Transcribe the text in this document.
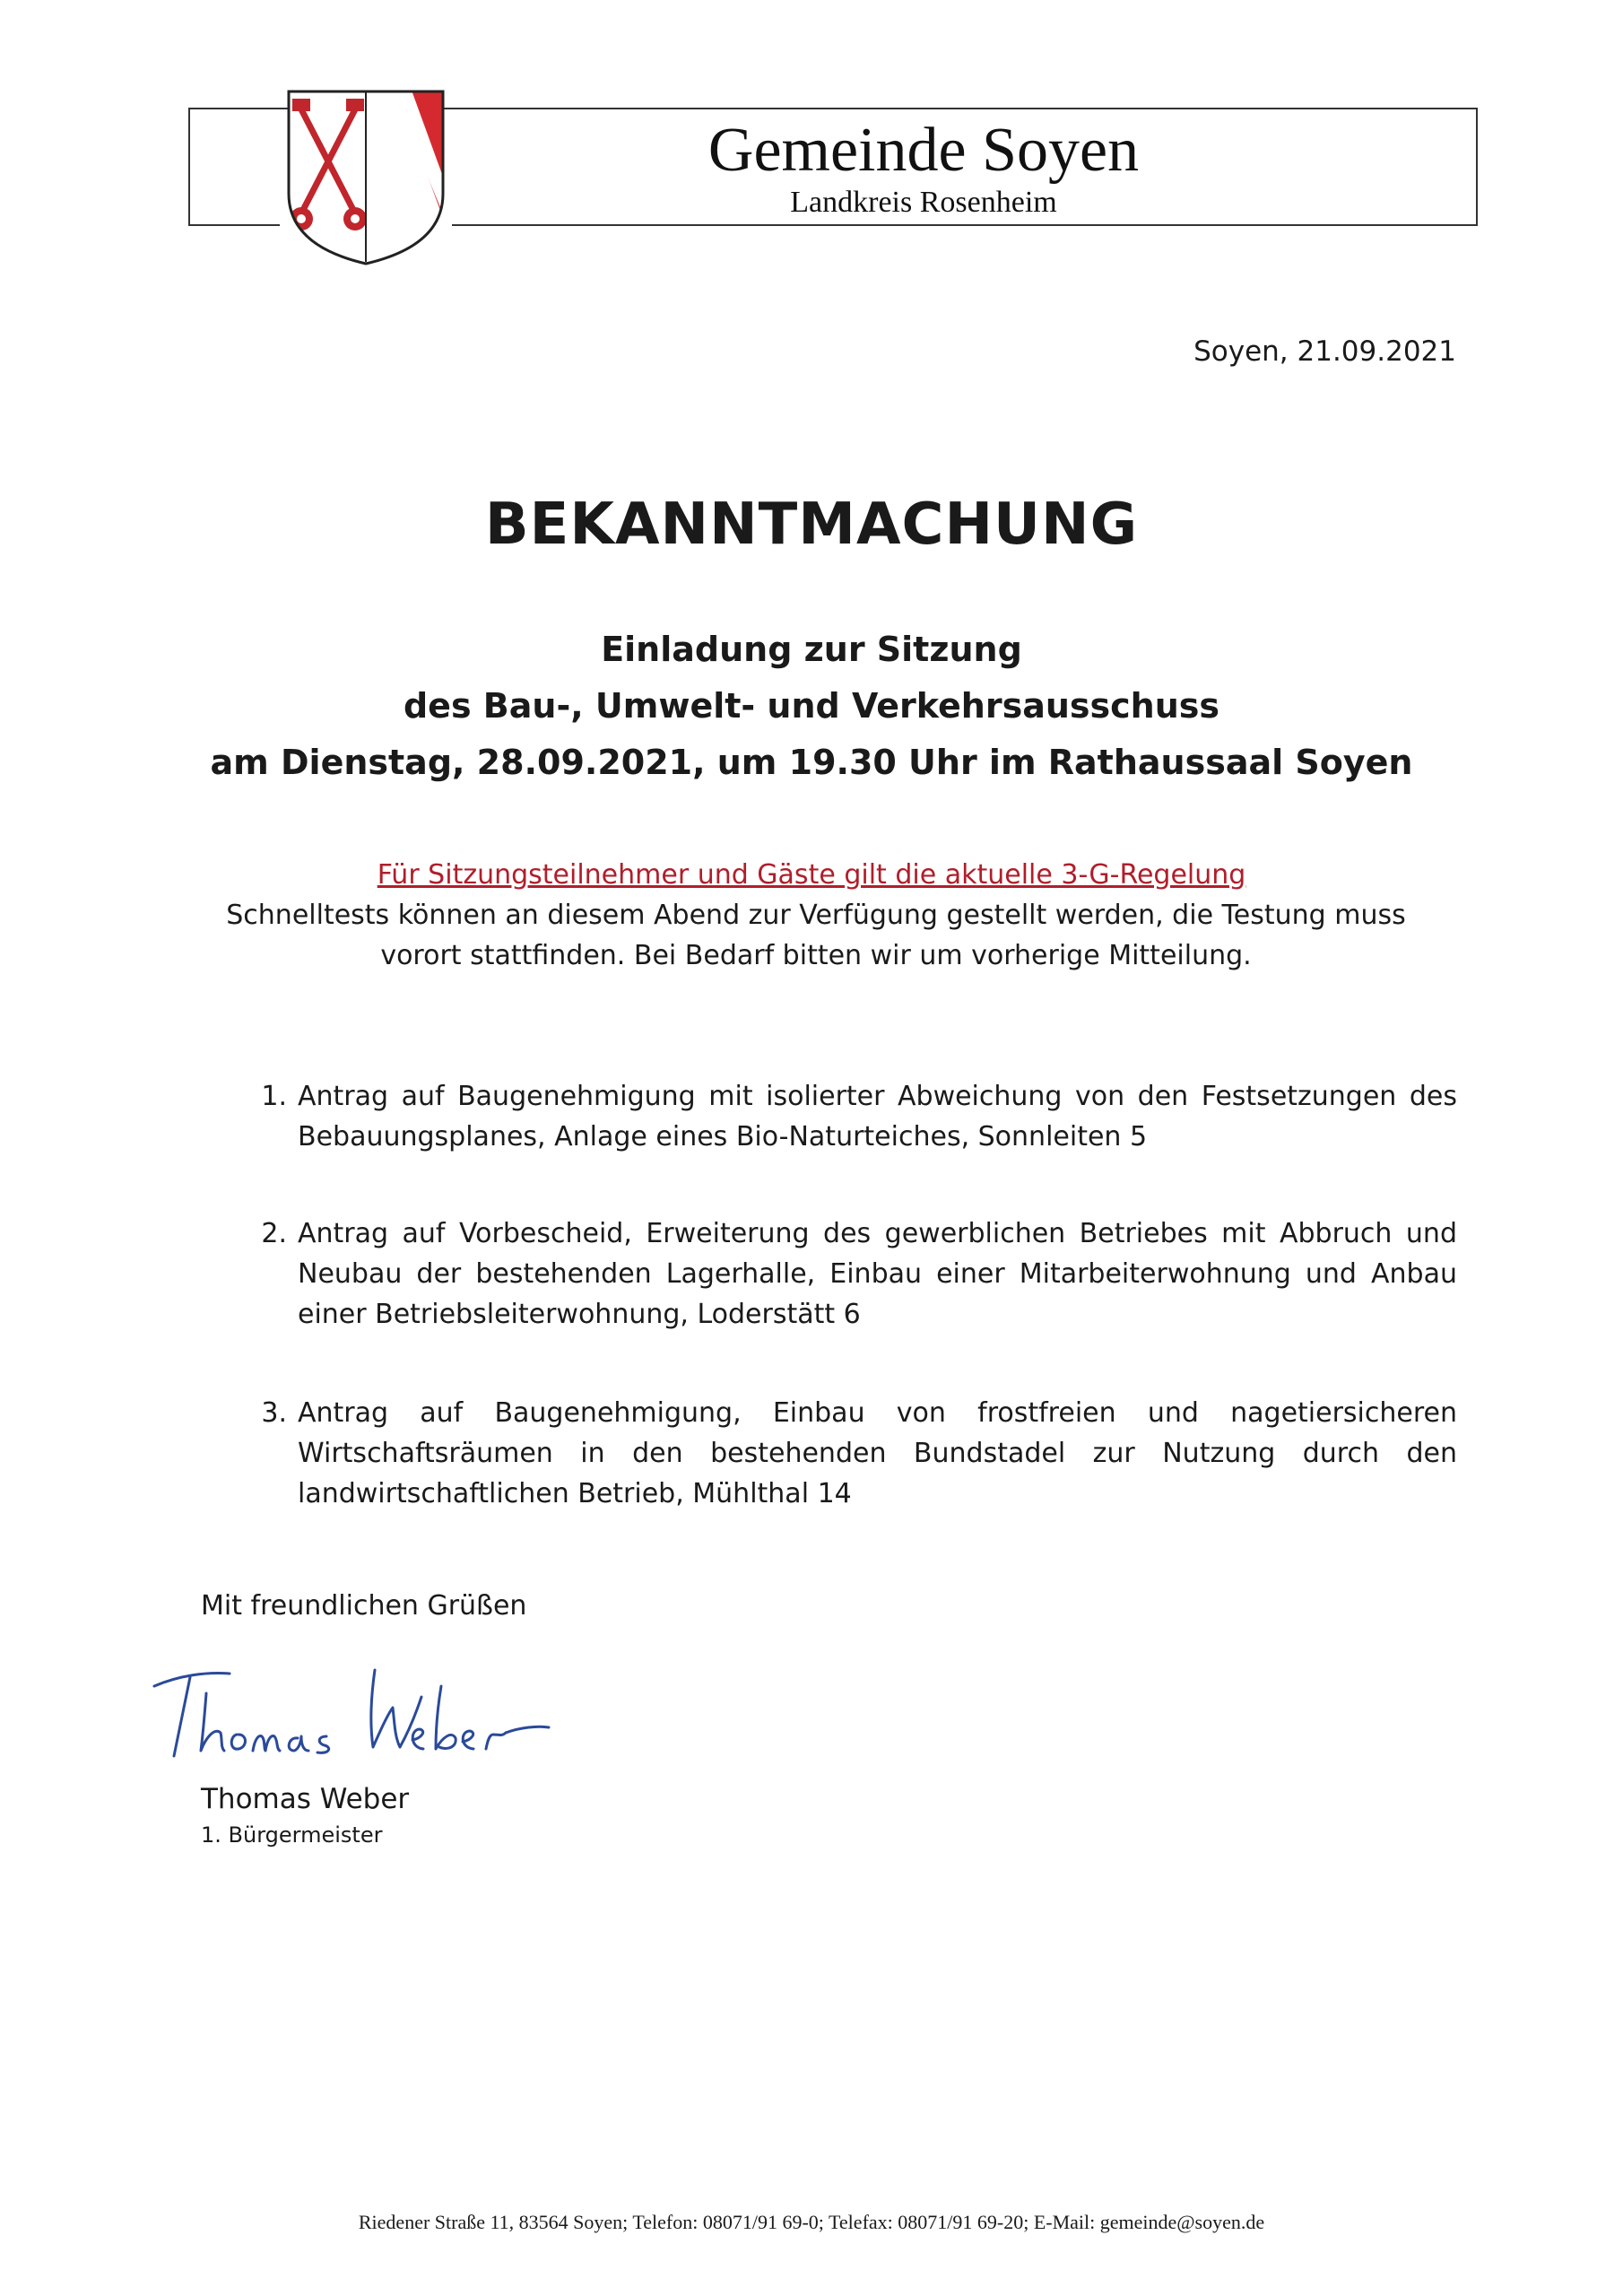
Gemeinde Soyen
Landkreis Rosenheim
Soyen, 21.09.2021
BEKANNTMACHUNG
Einladung zur Sitzung
des Bau-, Umwelt- und Verkehrsausschuss
am Dienstag, 28.09.2021, um 19.30 Uhr im Rathaussaal Soyen
Für Sitzungsteilnehmer und Gäste gilt die aktuelle 3-G-Regelung
Schnelltests können an diesem Abend zur Verfügung gestellt werden, die Testung muss vorort stattfinden. Bei Bedarf bitten wir um vorherige Mitteilung.
1. Antrag auf Baugenehmigung mit isolierter Abweichung von den Festsetzungen des Bebauungsplanes, Anlage eines Bio-Naturteiches, Sonnleiten 5
2. Antrag auf Vorbescheid, Erweiterung des gewerblichen Betriebes mit Abbruch und Neubau der bestehenden Lagerhalle, Einbau einer Mitarbeiterwohnung und Anbau einer Betriebsleiterwohnung, Loderstätt 6
3. Antrag auf Baugenehmigung, Einbau von frostfreien und nagetiersicheren Wirtschaftsräumen in den bestehenden Bundstadel zur Nutzung durch den landwirtschaftlichen Betrieb, Mühlthal 14
Mit freundlichen Grüßen
Thomas Weber
1. Bürgermeister
Riedener Straße 11, 83564 Soyen; Telefon: 08071/91 69-0; Telefax: 08071/91 69-20; E-Mail: gemeinde@soyen.de
